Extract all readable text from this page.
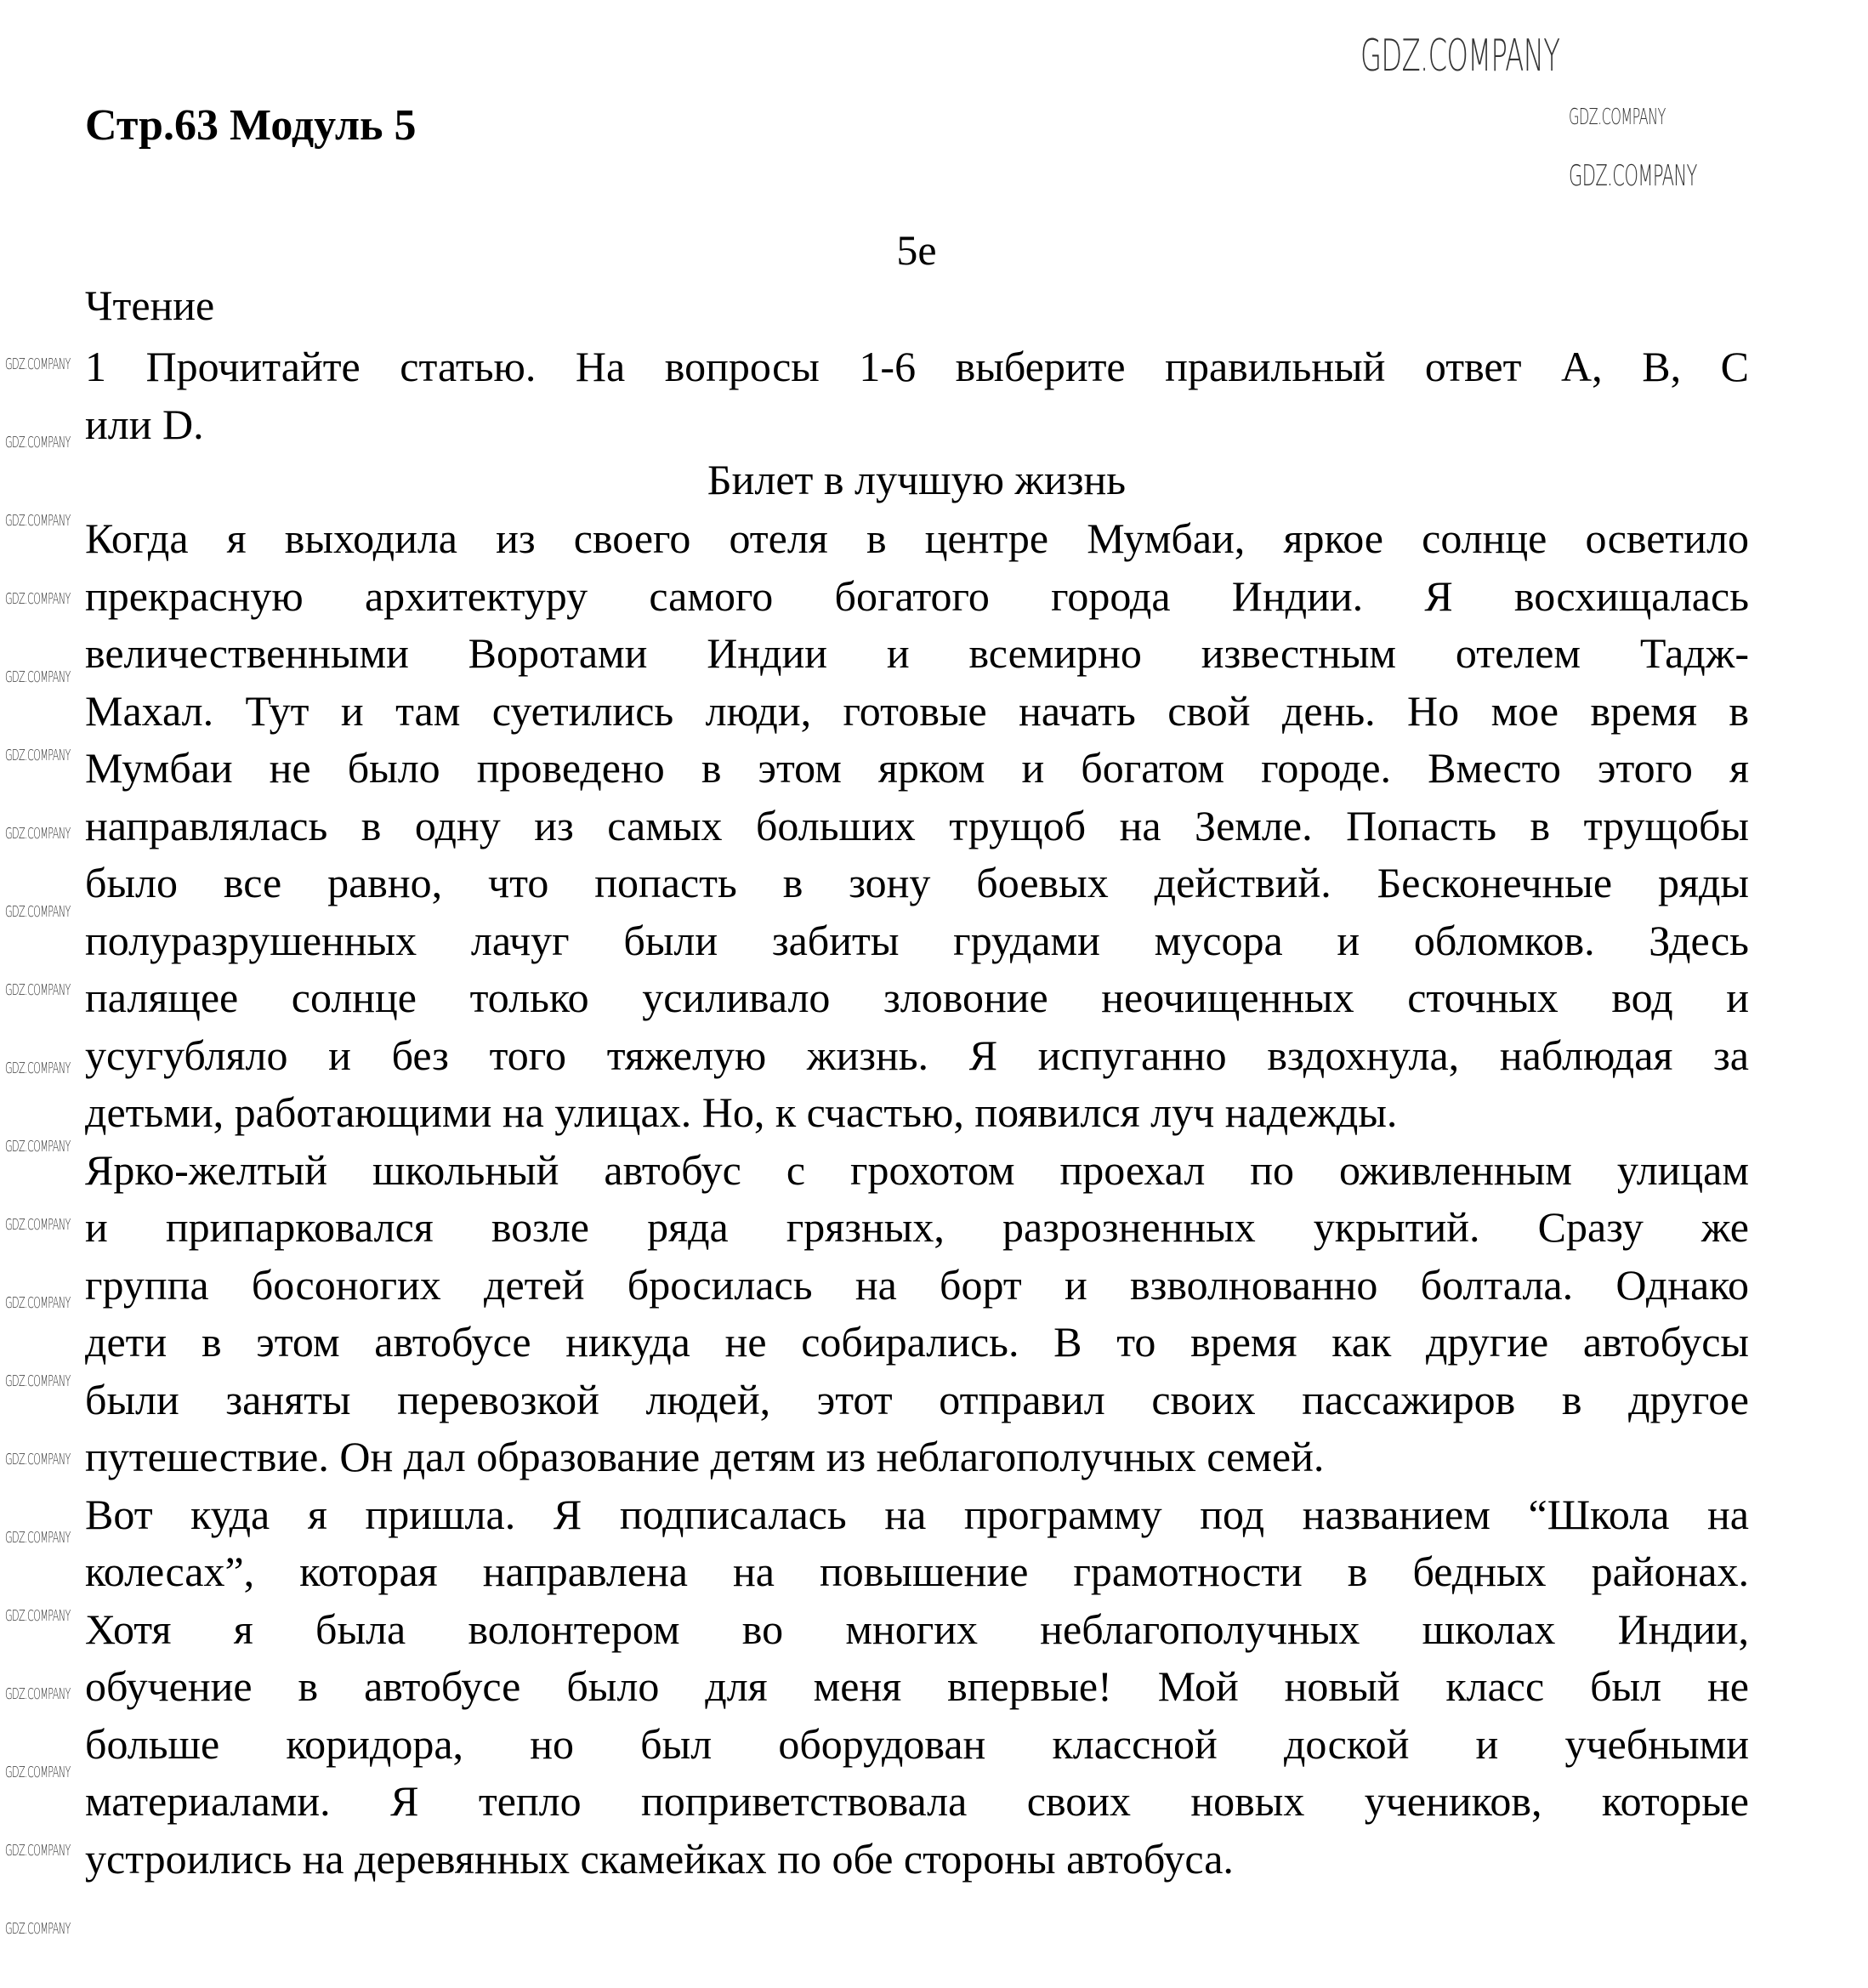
Стр.63 Модуль 5
5e
Чтение
1 Прочитайте статью. На вопросы 1-6 выберите правильный ответ A, B, C
или D.
Билет в лучшую жизнь
Когда я выходила из своего отеля в центре Мумбаи, яркое солнце осветило
прекрасную архитектуру самого богатого города Индии. Я восхищалась
величественными Воротами Индии и всемирно известным отелем Тадж-
Махал. Тут и там суетились люди, готовые начать свой день. Но мое время в
Мумбаи не было проведено в этом ярком и богатом городе. Вместо этого я
направлялась в одну из самых больших трущоб на Земле. Попасть в трущобы
было все равно, что попасть в зону боевых действий. Бесконечные ряды
полуразрушенных лачуг были забиты грудами мусора и обломков. Здесь
палящее солнце только усиливало зловоние неочищенных сточных вод и
усугубляло и без того тяжелую жизнь. Я испуганно вздохнула, наблюдая за
детьми, работающими на улицах. Но, к счастью, появился луч надежды.
Ярко-желтый школьный автобус с грохотом проехал по оживленным улицам
и припарковался возле ряда грязных, разрозненных укрытий. Сразу же
группа босоногих детей бросилась на борт и взволнованно болтала. Однако
дети в этом автобусе никуда не собирались. В то время как другие автобусы
были заняты перевозкой людей, этот отправил своих пассажиров в другое
путешествие. Он дал образование детям из неблагополучных семей.
Вот куда я пришла. Я подписалась на программу под названием “Школа на
колесах”, которая направлена на повышение грамотности в бедных районах.
Хотя я была волонтером во многих неблагополучных школах Индии,
обучение в автобусе было для меня впервые! Мой новый класс был не
больше коридора, но был оборудован классной доской и учебными
материалами. Я тепло поприветствовала своих новых учеников, которые
устроились на деревянных скамейках по обе стороны автобуса.
GDZ.COMPANY
GDZ.COMPANY
GDZ.COMPANY
GDZ.COMPANY
GDZ.COMPANY
GDZ.COMPANY
GDZ.COMPANY
GDZ.COMPANY
GDZ.COMPANY
GDZ.COMPANY
GDZ.COMPANY
GDZ.COMPANY
GDZ.COMPANY
GDZ.COMPANY
GDZ.COMPANY
GDZ.COMPANY
GDZ.COMPANY
GDZ.COMPANY
GDZ.COMPANY
GDZ.COMPANY
GDZ.COMPANY
GDZ.COMPANY
GDZ.COMPANY
GDZ.COMPANY
